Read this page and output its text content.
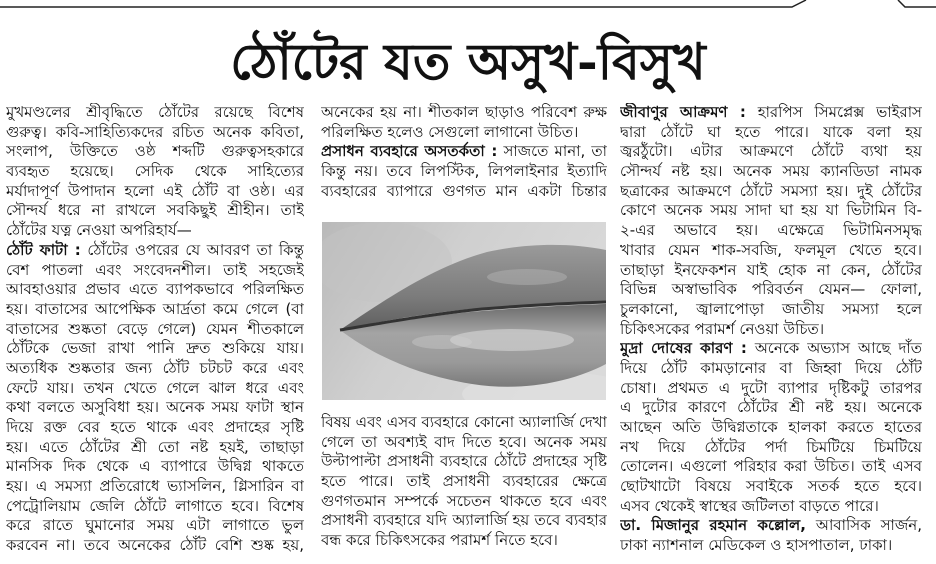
ঠোঁটের যত অসুখ-বিসুখ
মুখমণ্ডলের শ্রীবৃদ্ধিতে ঠোঁটের রয়েছে বিশেষ
গুরুত্ব। কবি-সাহিত্যিকদের রচিত অনেক কবিতা,
সংলাপ, উক্তিতে ওষ্ঠ শব্দটি গুরুত্বসহকারে
ব্যবহৃত হয়েছে। সেদিক থেকে সাহিত্যের
মর্যাদাপূর্ণ উপাদান হলো এই ঠোঁট বা ওষ্ঠ। এর
সৌন্দর্য ধরে না রাখলে সবকিছুই শ্রীহীন। তাই
ঠোঁটের যত্ন নেওয়া অপরিহার্য—
ঠোঁট ফাটা : ঠোঁটের ওপরের যে আবরণ তা কিন্তু
বেশ পাতলা এবং সংবেদনশীল। তাই সহজেই
আবহাওয়ার প্রভাব এতে ব্যাপকভাবে পরিলক্ষিত
হয়। বাতাসের আপেক্ষিক আর্দ্রতা কমে গেলে (বা
বাতাসের শুষ্কতা বেড়ে গেলে) যেমন শীতকালে
ঠোঁটকে ভেজা রাখা পানি দ্রুত শুকিয়ে যায়।
অত্যধিক শুষ্কতার জন্য ঠোঁট চটচট করে এবং
ফেটে যায়। তখন খেতে গেলে ঝাল ধরে এবং
কথা বলতে অসুবিধা হয়। অনেক সময় ফাটা স্থান
দিয়ে রক্ত বের হতে থাকে এবং প্রদাহের সৃষ্টি
হয়। এতে ঠোঁটের শ্রী তো নষ্ট হয়ই, তাছাড়া
মানসিক দিক থেকে এ ব্যাপারে উদ্বিগ্ন থাকতে
হয়। এ সমস্যা প্রতিরোধে ভ্যাসলিন, গ্লিসারিন বা
পেট্রোলিয়াম জেলি ঠোঁটে লাগাতে হবে। বিশেষ
করে রাতে ঘুমানোর সময় এটা লাগাতে ভুল
করবেন না। তবে অনেকের ঠোঁট বেশি শুষ্ক হয়,
অনেকের হয় না। শীতকাল ছাড়াও পরিবেশ রুক্ষ
পরিলক্ষিত হলেও সেগুলো লাগানো উচিত।
প্রসাধন ব্যবহারে অসতর্কতা : সাজতে মানা, তা
কিন্তু নয়। তবে লিপস্টিক, লিপলাইনার ইত্যাদি
ব্যবহারের ব্যাপারে গুণগত মান একটা চিন্তার
বিষয় এবং এসব ব্যবহারে কোনো অ্যালার্জি দেখা
গেলে তা অবশ্যই বাদ দিতে হবে। অনেক সময়
উল্টাপাল্টা প্রসাধনী ব্যবহারে ঠোঁটে প্রদাহের সৃষ্টি
হতে পারে। তাই প্রসাধনী ব্যবহারের ক্ষেত্রে
গুণগতমান সম্পর্কে সচেতন থাকতে হবে এবং
প্রসাধনী ব্যবহারে যদি অ্যালার্জি হয় তবে ব্যবহার
বন্ধ করে চিকিৎসকের পরামর্শ নিতে হবে।
জীবাণুর আক্রমণ : হারপিস সিমপ্লেক্স ভাইরাস
দ্বারা ঠোঁটে ঘা হতে পারে। যাকে বলা হয়
জ্বরঠুঁটো। এটার আক্রমণে ঠোঁটে ব্যথা হয়
সৌন্দর্য নষ্ট হয়। অনেক সময় ক্যানডিডা নামক
ছত্রাকের আক্রমণে ঠোঁটে সমস্যা হয়। দুই ঠোঁটের
কোণে অনেক সময় সাদা ঘা হয় যা ভিটামিন বি-
২-এর অভাবে হয়। এক্ষেত্রে ভিটামিনসমৃদ্ধ
খাবার যেমন শাক-সবজি, ফলমূল খেতে হবে।
তাছাড়া ইনফেকশন যাই হোক না কেন, ঠোঁটের
বিভিন্ন অস্বাভাবিক পরিবর্তন যেমন— ফোলা,
চুলকানো, জ্বালাপোড়া জাতীয় সমস্যা হলে
চিকিৎসকের পরামর্শ নেওয়া উচিত।
মুদ্রা দোষের কারণ : অনেকে অভ্যাস আছে দাঁত
দিয়ে ঠোঁট কামড়ানোর বা জিহ্বা দিয়ে ঠোঁট
চোষা। প্রথমত এ দুটো ব্যাপার দৃষ্টিকটু তারপর
এ দুটোর কারণে ঠোঁটের শ্রী নষ্ট হয়। অনেকে
আছেন অতি উদ্বিগ্নতাকে হালকা করতে হাতের
নখ দিয়ে ঠোঁটের পর্দা চিমটিয়ে চিমটিয়ে
তোলেন। এগুলো পরিহার করা উচিত। তাই এসব
ছোটখাটো বিষয়ে সবাইকে সতর্ক হতে হবে।
এসব থেকেই স্বাস্থের জটিলতা বাড়তে পারে।
ডা. মিজানুর রহমান কল্লোল, আবাসিক সার্জন,
ঢাকা ন্যাশনাল মেডিকেল ও হাসপাতাল, ঢাকা।
